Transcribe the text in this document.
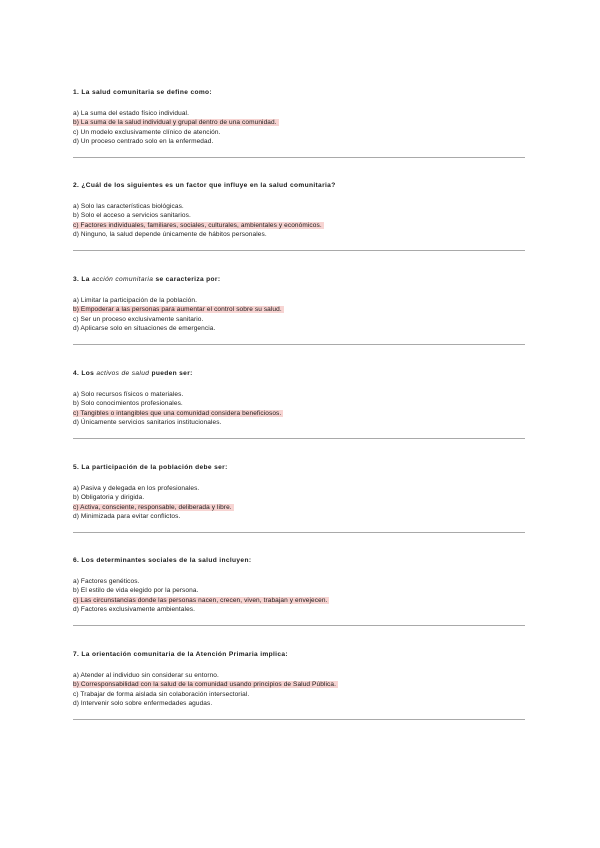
1. La salud comunitaria se define como:

a) La suma del estado físico individual.
b) La suma de la salud individual y grupal dentro de una comunidad.
c) Un modelo exclusivamente clínico de atención.
d) Un proceso centrado solo en la enfermedad.

2. ¿Cuál de los siguientes es un factor que influye en la salud comunitaria?

a) Solo las características biológicas.
b) Solo el acceso a servicios sanitarios.
c) Factores individuales, familiares, sociales, culturales, ambientales y económicos.
d) Ninguno, la salud depende únicamente de hábitos personales.

3. La acción comunitaria se caracteriza por:

a) Limitar la participación de la población.
b) Empoderar a las personas para aumentar el control sobre su salud.
c) Ser un proceso exclusivamente sanitario.
d) Aplicarse solo en situaciones de emergencia.

4. Los activos de salud pueden ser:

a) Solo recursos físicos o materiales.
b) Solo conocimientos profesionales.
c) Tangibles o intangibles que una comunidad considera beneficiosos.
d) Únicamente servicios sanitarios institucionales.

5. La participación de la población debe ser:

a) Pasiva y delegada en los profesionales.
b) Obligatoria y dirigida.
c) Activa, consciente, responsable, deliberada y libre.
d) Minimizada para evitar conflictos.

6. Los determinantes sociales de la salud incluyen:

a) Factores genéticos.
b) El estilo de vida elegido por la persona.
c) Las circunstancias donde las personas nacen, crecen, viven, trabajan y envejecen.
d) Factores exclusivamente ambientales.

7. La orientación comunitaria de la Atención Primaria implica:

a) Atender al individuo sin considerar su entorno.
b) Corresponsabilidad con la salud de la comunidad usando principios de Salud Pública.
c) Trabajar de forma aislada sin colaboración intersectorial.
d) Intervenir solo sobre enfermedades agudas.
